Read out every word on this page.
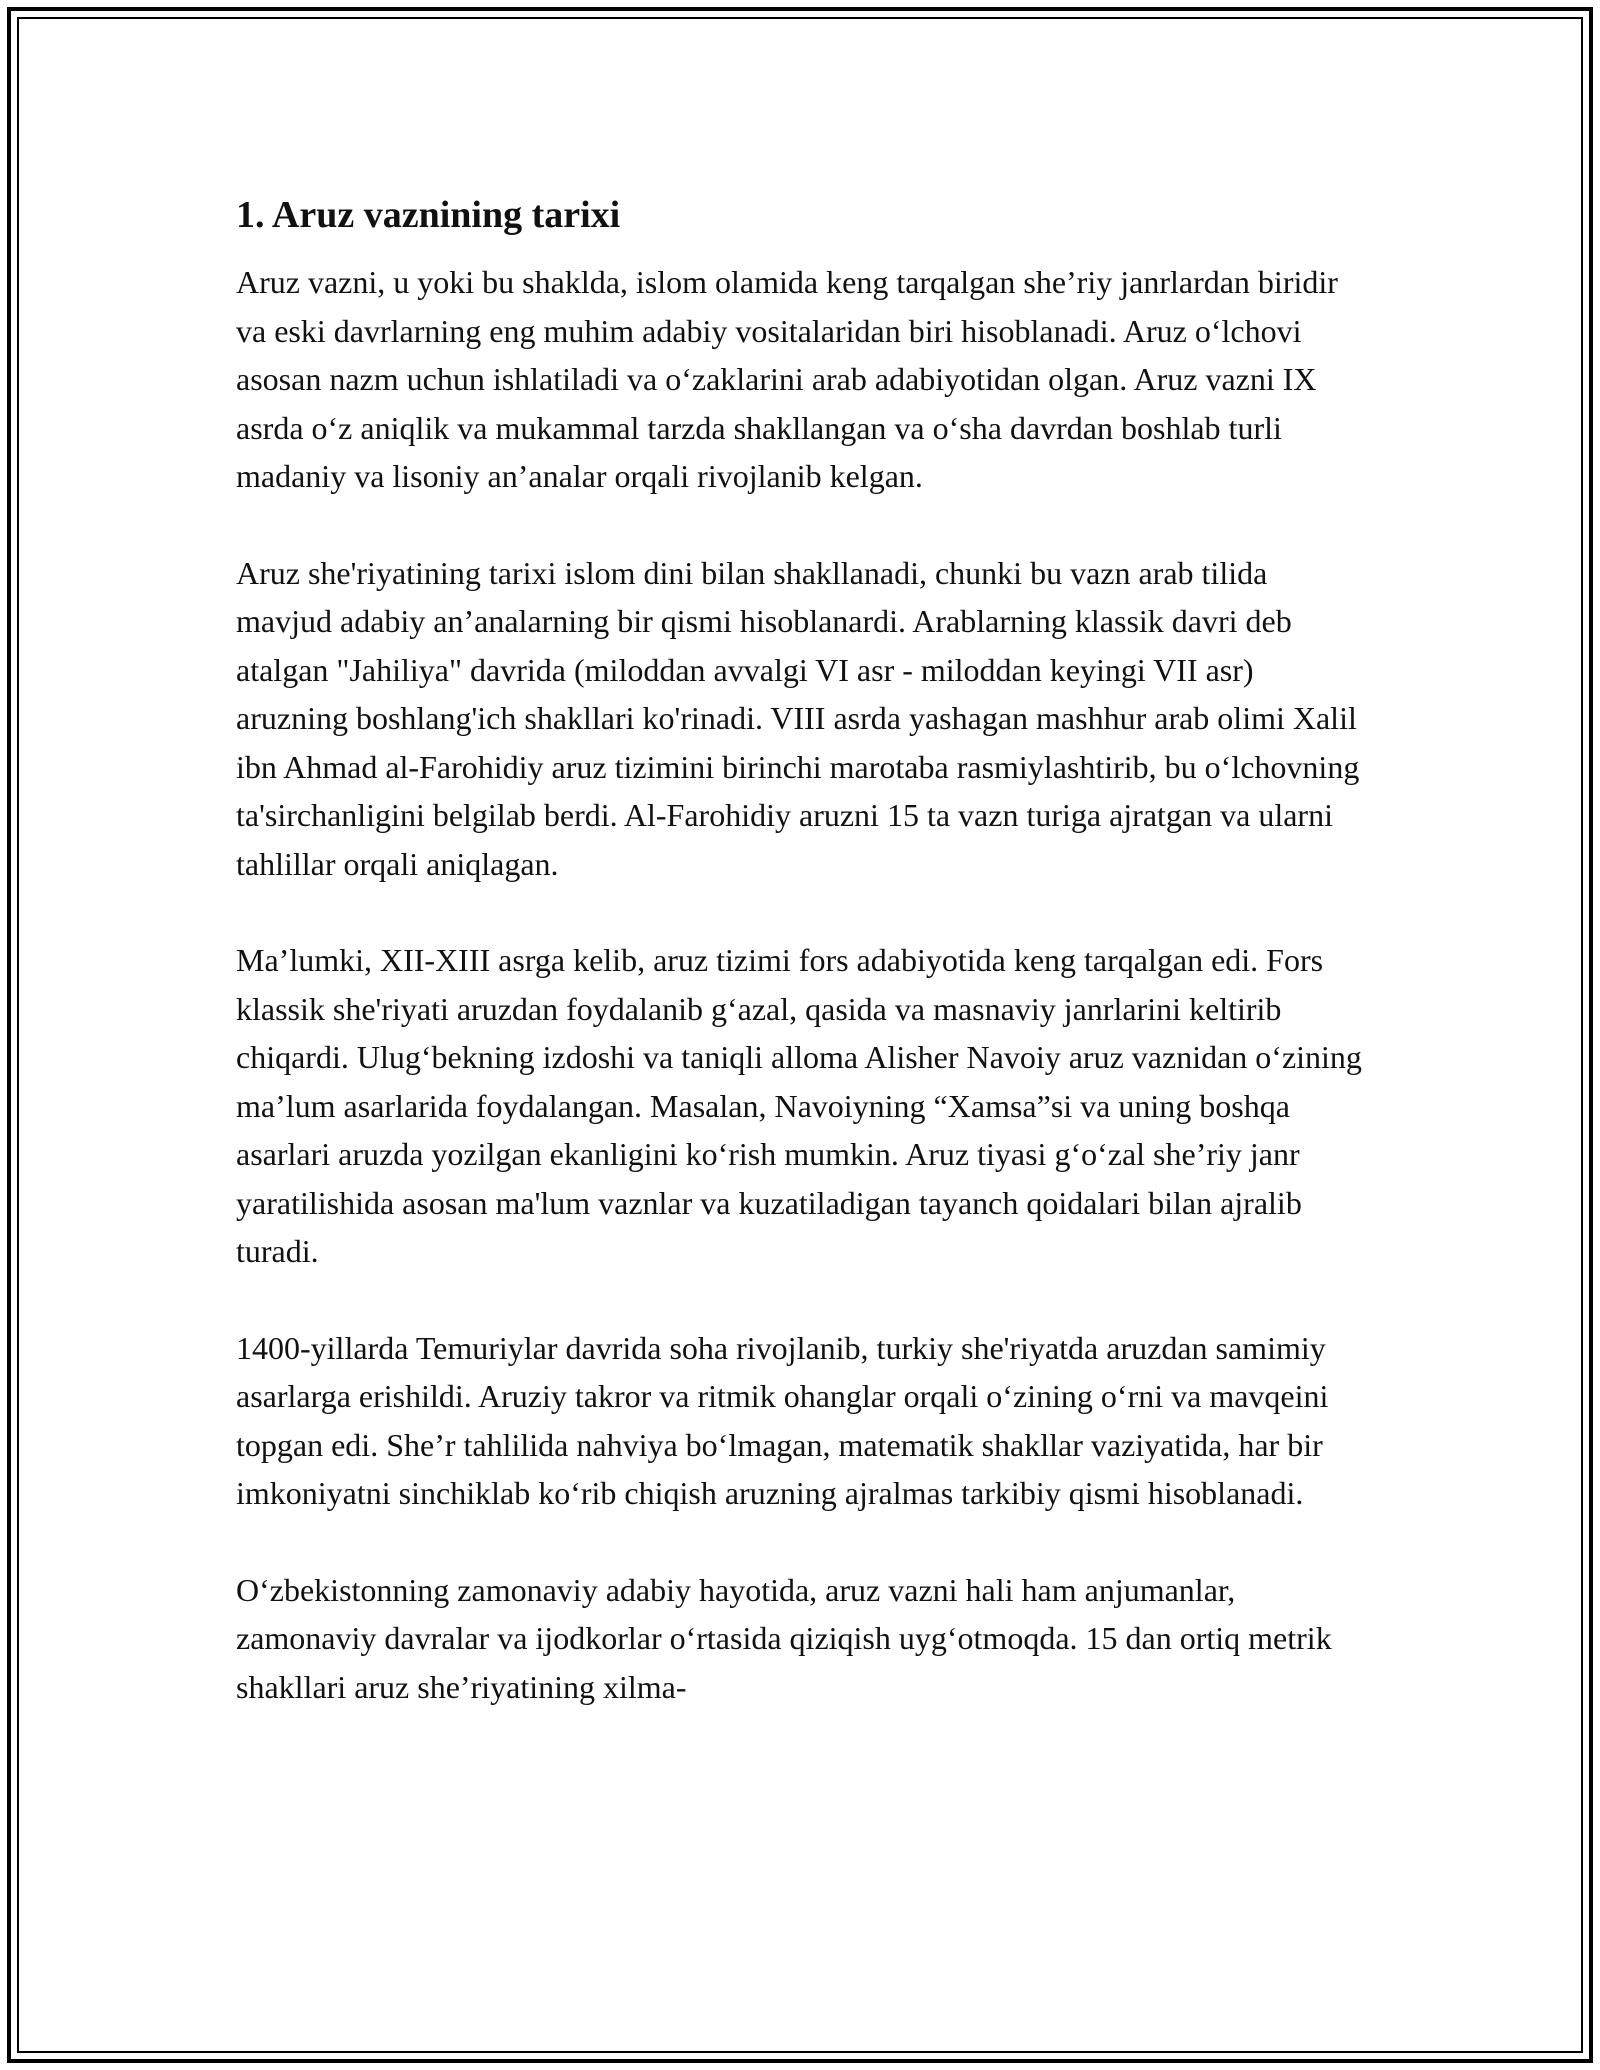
1. Aruz vaznining tarixi

Aruz vazni, u yoki bu shaklda, islom olamida keng tarqalgan she’riy janrlardan biridir va eski davrlarning eng muhim adabiy vositalaridan biri hisoblanadi. Aruz o‘lchovi asosan nazm uchun ishlatiladi va o‘zaklarini arab adabiyotidan olgan. Aruz vazni IX asrda o‘z aniqlik va mukammal tarzda shakllangan va o‘sha davrdan boshlab turli madaniy va lisoniy an’analar orqali rivojlanib kelgan.

Aruz she'riyatining tarixi islom dini bilan shakllanadi, chunki bu vazn arab tilida mavjud adabiy an’analarning bir qismi hisoblanardi. Arablarning klassik davri deb atalgan "Jahiliya" davrida (miloddan avvalgi VI asr - miloddan keyingi VII asr) aruzning boshlang'ich shakllari ko'rinadi. VIII asrda yashagan mashhur arab olimi Xalil ibn Ahmad al-Farohidiy aruz tizimini birinchi marotaba rasmiylashtirib, bu o‘lchovning ta'sirchanligini belgilab berdi. Al-Farohidiy aruzni 15 ta vazn turiga ajratgan va ularni tahlillar orqali aniqlagan.

Ma’lumki, XII-XIII asrga kelib, aruz tizimi fors adabiyotida keng tarqalgan edi. Fors klassik she'riyati aruzdan foydalanib g‘azal, qasida va masnaviy janrlarini keltirib chiqardi. Ulug‘bekning izdoshi va taniqli alloma Alisher Navoiy aruz vaznidan o‘zining ma’lum asarlarida foydalangan. Masalan, Navoiyning “Xamsa”si va uning boshqa asarlari aruzda yozilgan ekanligini ko‘rish mumkin. Aruz tiyasi g‘o‘zal she’riy janr yaratilishida asosan ma'lum vaznlar va kuzatiladigan tayanch qoidalari bilan ajralib turadi.

1400-yillarda Temuriylar davrida soha rivojlanib, turkiy she'riyatda aruzdan samimiy asarlarga erishildi. Aruziy takror va ritmik ohanglar orqali o‘zining o‘rni va mavqeini topgan edi. She’r tahlilida nahviya bo‘lmagan, matematik shakllar vaziyatida, har bir imkoniyatni sinchiklab ko‘rib chiqish aruzning ajralmas tarkibiy qismi hisoblanadi.

O‘zbekistonning zamonaviy adabiy hayotida, aruz vazni hali ham anjumanlar, zamonaviy davralar va ijodkorlar o‘rtasida qiziqish uyg‘otmoqda. 15 dan ortiq metrik shakllari aruz she’riyatining xilma-
